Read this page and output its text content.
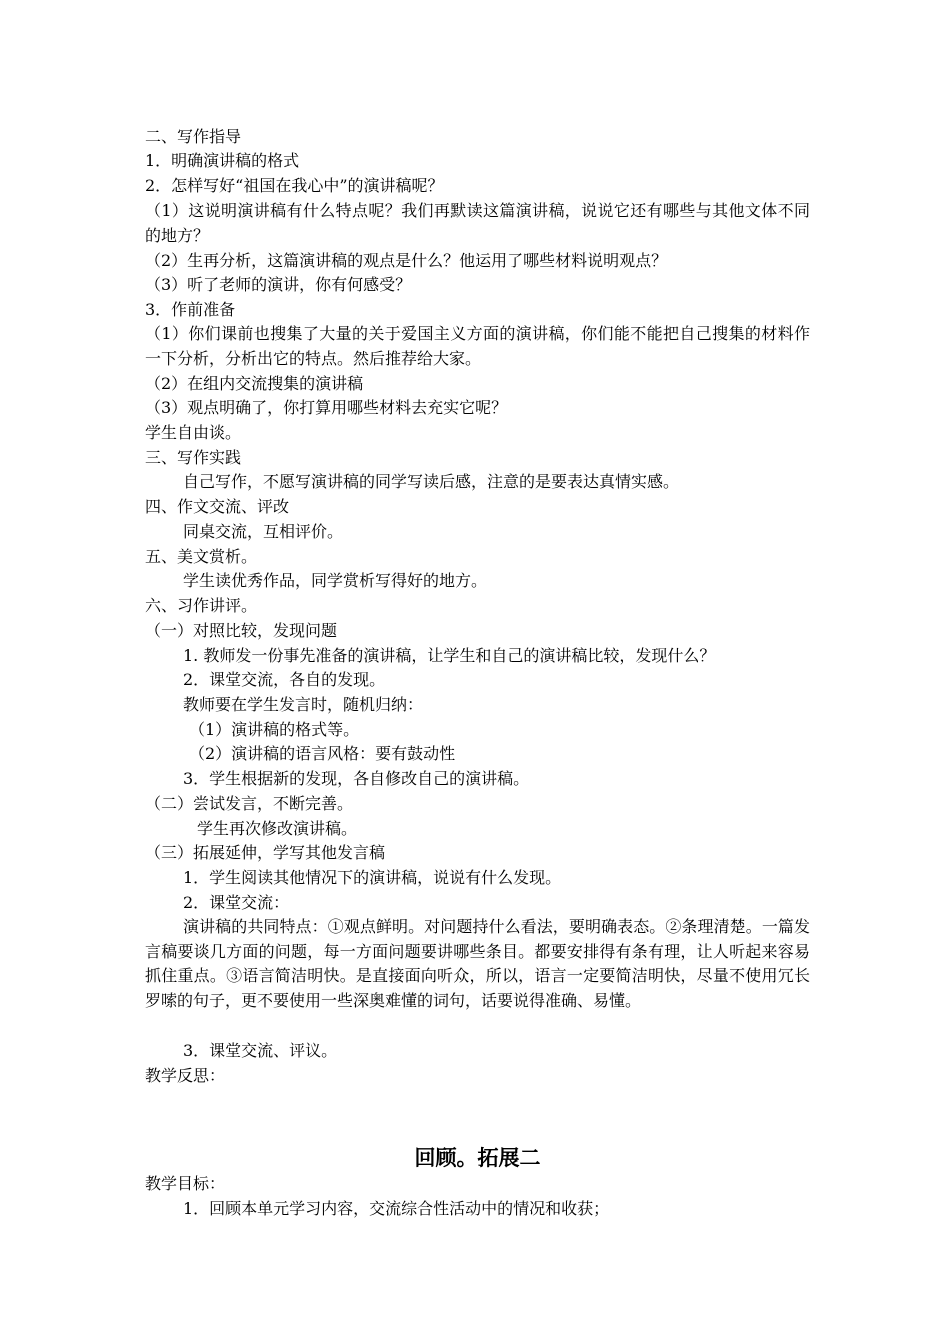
二、写作指导
1．明确演讲稿的格式
2．怎样写好“祖国在我心中”的演讲稿呢？
（1）这说明演讲稿有什么特点呢？我们再默读这篇演讲稿，说说它还有哪些与其他文体不同的地方？
（2）生再分析，这篇演讲稿的观点是什么？他运用了哪些材料说明观点？
（3）听了老师的演讲，你有何感受？
3．作前准备
（1）你们课前也搜集了大量的关于爱国主义方面的演讲稿，你们能不能把自己搜集的材料作一下分析，分析出它的特点。然后推荐给大家。
（2）在组内交流搜集的演讲稿
（3）观点明确了，你打算用哪些材料去充实它呢？
学生自由谈。
三、写作实践
自己写作，不愿写演讲稿的同学写读后感，注意的是要表达真情实感。
四、作文交流、评改
同桌交流，互相评价。
五、美文赏析。
学生读优秀作品，同学赏析写得好的地方。
六、习作讲评。
（一）对照比较，发现问题
1. 教师发一份事先准备的演讲稿，让学生和自己的演讲稿比较，发现什么？
2．课堂交流，各自的发现。
教师要在学生发言时，随机归纳：
（1）演讲稿的格式等。
（2）演讲稿的语言风格：要有鼓动性
3．学生根据新的发现，各自修改自己的演讲稿。
（二）尝试发言，不断完善。
学生再次修改演讲稿。
（三）拓展延伸，学写其他发言稿
1．学生阅读其他情况下的演讲稿，说说有什么发现。
2．课堂交流：
演讲稿的共同特点：①观点鲜明。对问题持什么看法，要明确表态。②条理清楚。一篇发言稿要谈几方面的问题，每一方面问题要讲哪些条目。都要安排得有条有理，让人听起来容易抓住重点。③语言简洁明快。是直接面向听众，所以，语言一定要简洁明快，尽量不使用冗长罗嗦的句子，更不要使用一些深奥难懂的词句，话要说得准确、易懂。
3．课堂交流、评议。
教学反思：
回顾。拓展二
教学目标：
1．回顾本单元学习内容，交流综合性活动中的情况和收获；
